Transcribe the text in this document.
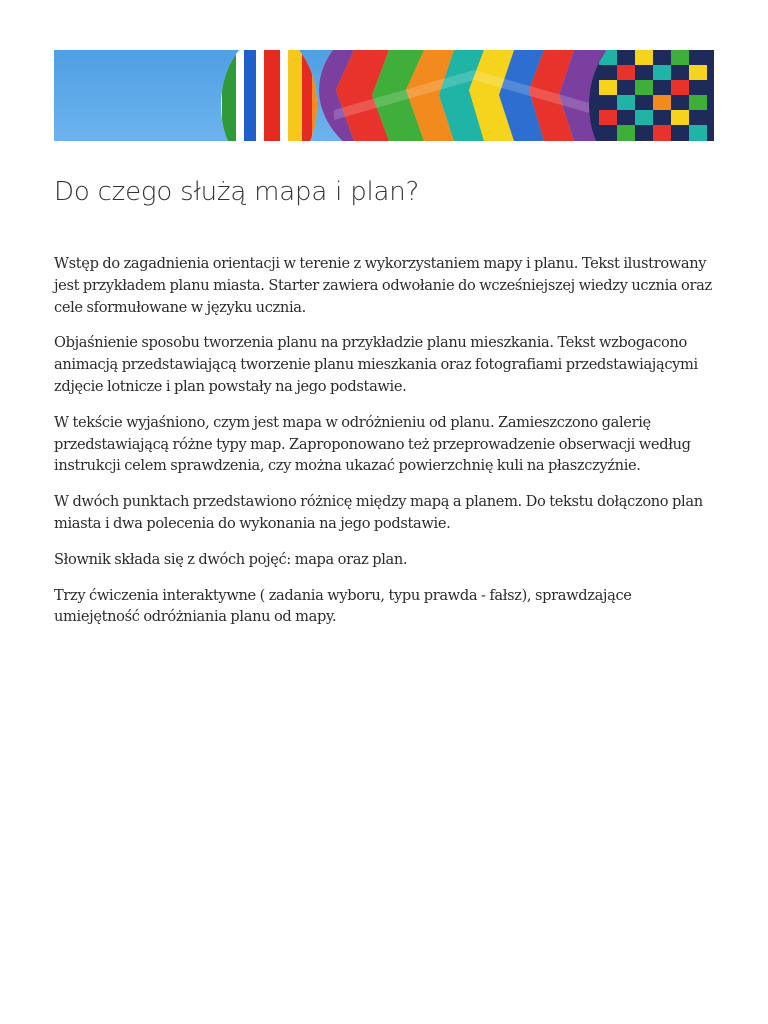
Do czego służą mapa i plan?

Wstęp do zagadnienia orientacji w terenie z wykorzystaniem mapy i planu. Tekst ilustrowany jest przykładem planu miasta. Starter zawiera odwołanie do wcześniejszej wiedzy ucznia oraz cele sformułowane w języku ucznia.

Objaśnienie sposobu tworzenia planu na przykładzie planu mieszkania. Tekst wzbogacono animacją przedstawiającą tworzenie planu mieszkania oraz fotografiami przedstawiającymi zdjęcie lotnicze i plan powstały na jego podstawie.

W tekście wyjaśniono, czym jest mapa w odróżnieniu od planu. Zamieszczono galerię przedstawiającą różne typy map. Zaproponowano też przeprowadzenie obserwacji według instrukcji celem sprawdzenia, czy można ukazać powierzchnię kuli na płaszczyźnie.

W dwóch punktach przedstawiono różnicę między mapą a planem. Do tekstu dołączono plan miasta i dwa polecenia do wykonania na jego podstawie.

Słownik składa się z dwóch pojęć: mapa oraz plan.

Trzy ćwiczenia interaktywne ( zadania wyboru, typu prawda - fałsz), sprawdzające umiejętność odróżniania planu od mapy.
